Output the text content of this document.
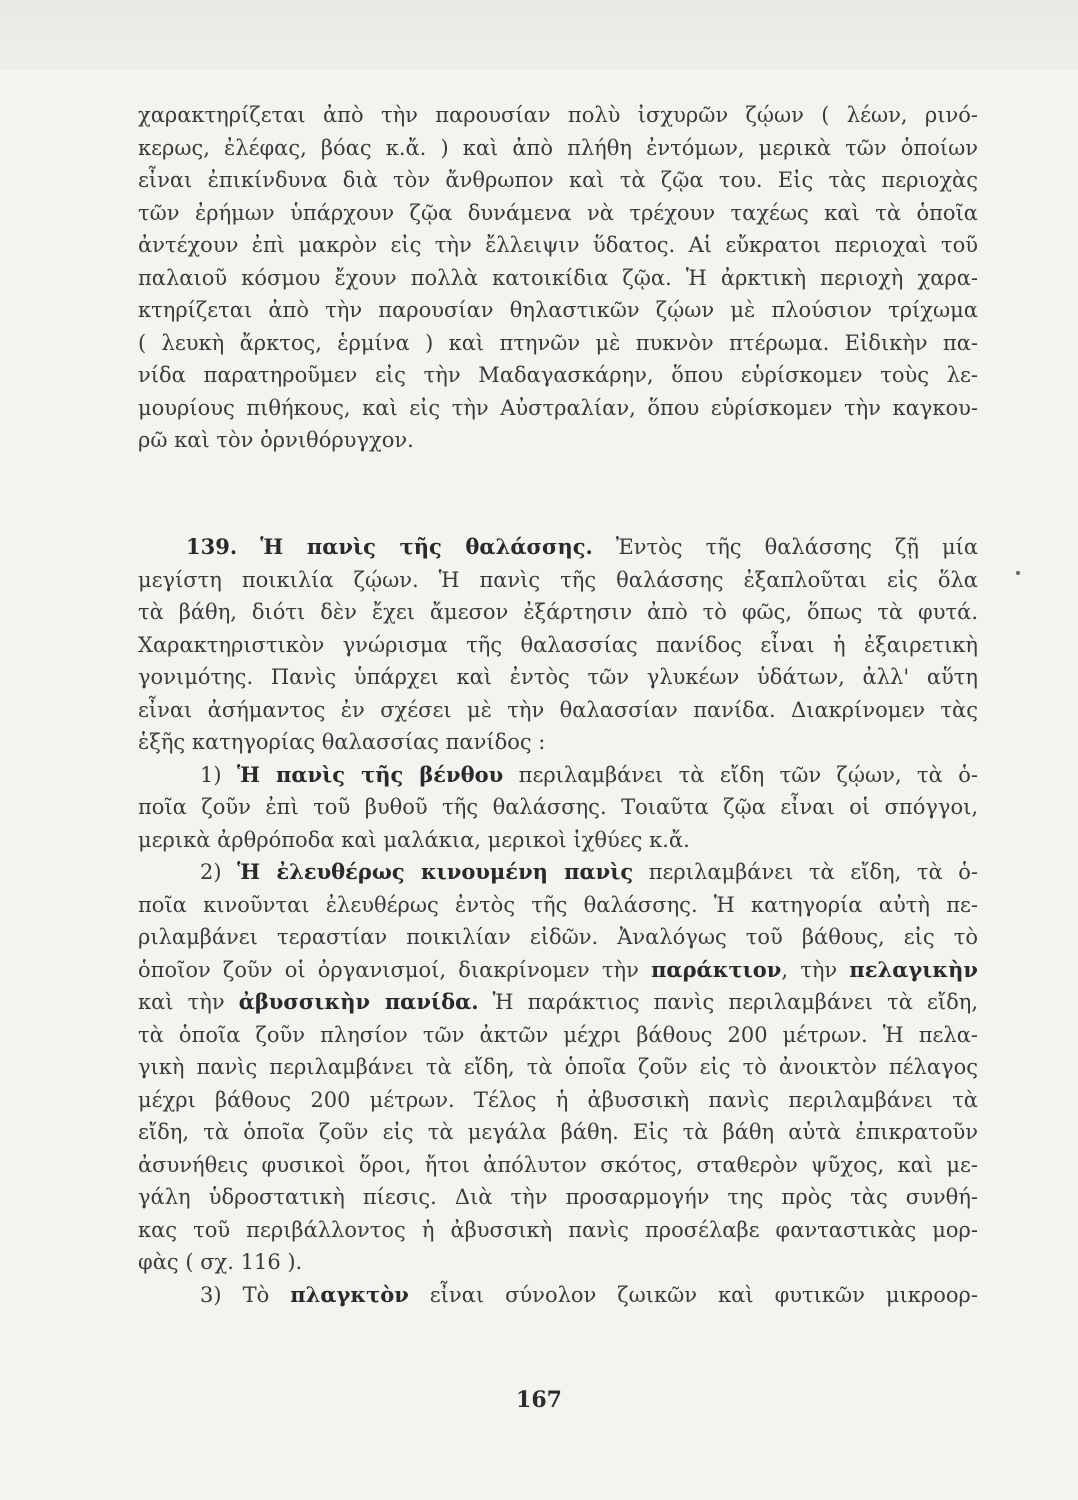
χαρακτηρίζεται ἀπὸ τὴν παρουσίαν πολὺ ἰσχυρῶν ζῴων ( λέων, ρινό-
κερως, ἐλέφας, βόας κ.ἄ. ) καὶ ἀπὸ πλήθη ἐντόμων, μερικὰ τῶν ὁποίων
εἶναι ἐπικίνδυνα διὰ τὸν ἄνθρωπον καὶ τὰ ζῷα του. Εἰς τὰς περιοχὰς
τῶν ἐρήμων ὑπάρχουν ζῷα δυνάμενα νὰ τρέχουν ταχέως καὶ τὰ ὁποῖα
ἀντέχουν ἐπὶ μακρὸν εἰς τὴν ἔλλειψιν ὕδατος. Αἱ εὔκρατοι περιοχαὶ τοῦ
παλαιοῦ κόσμου ἔχουν πολλὰ κατοικίδια ζῷα. Ἡ ἀρκτικὴ περιοχὴ χαρα-
κτηρίζεται ἀπὸ τὴν παρουσίαν θηλαστικῶν ζῴων μὲ πλούσιον τρίχωμα
( λευκὴ ἄρκτος, ἑρμίνα ) καὶ πτηνῶν μὲ πυκνὸν πτέρωμα. Εἰδικὴν πα-
νίδα παρατηροῦμεν εἰς τὴν Μαδαγασκάρην, ὅπου εὑρίσκομεν τοὺς λε-
μουρίους πιθήκους, καὶ εἰς τὴν Αὐστραλίαν, ὅπου εὑρίσκομεν τὴν καγκου-
ρῶ καὶ τὸν ὀρνιθόρυγχον.
139. Ἡ πανὶς τῆς θαλάσσης. Ἐντὸς τῆς θαλάσσης ζῇ μία
μεγίστη ποικιλία ζῴων. Ἡ πανὶς τῆς θαλάσσης ἐξαπλοῦται εἰς ὅλα
τὰ βάθη, διότι δὲν ἔχει ἄμεσον ἐξάρτησιν ἀπὸ τὸ φῶς, ὅπως τὰ φυτά.
Χαρακτηριστικὸν γνώρισμα τῆς θαλασσίας πανίδος εἶναι ἡ ἐξαιρετικὴ
γονιμότης. Πανὶς ὑπάρχει καὶ ἐντὸς τῶν γλυκέων ὑδάτων, ἀλλ' αὕτη
εἶναι ἀσήμαντος ἐν σχέσει μὲ τὴν θαλασσίαν πανίδα. Διακρίνομεν τὰς
ἑξῆς κατηγορίας θαλασσίας πανίδος :
1) Ἡ πανὶς τῆς βένθου περιλαμβάνει τὰ εἴδη τῶν ζῴων, τὰ ὁ-
ποῖα ζοῦν ἐπὶ τοῦ βυθοῦ τῆς θαλάσσης. Τοιαῦτα ζῷα εἶναι οἱ σπόγγοι,
μερικὰ ἀρθρόποδα καὶ μαλάκια, μερικοὶ ἰχθύες κ.ἄ.
2) Ἡ ἐλευθέρως κινουμένη πανὶς περιλαμβάνει τὰ εἴδη, τὰ ὁ-
ποῖα κινοῦνται ἐλευθέρως ἐντὸς τῆς θαλάσσης. Ἡ κατηγορία αὐτὴ πε-
ριλαμβάνει τεραστίαν ποικιλίαν εἰδῶν. Ἀναλόγως τοῦ βάθους, εἰς τὸ
ὁποῖον ζοῦν οἱ ὀργανισμοί, διακρίνομεν τὴν παράκτιον, τὴν πελαγικὴν
καὶ τὴν ἀβυσσικὴν πανίδα. Ἡ παράκτιος πανὶς περιλαμβάνει τὰ εἴδη,
τὰ ὁποῖα ζοῦν πλησίον τῶν ἀκτῶν μέχρι βάθους 200 μέτρων. Ἡ πελα-
γικὴ πανὶς περιλαμβάνει τὰ εἴδη, τὰ ὁποῖα ζοῦν εἰς τὸ ἀνοικτὸν πέλαγος
μέχρι βάθους 200 μέτρων. Τέλος ἡ ἀβυσσικὴ πανὶς περιλαμβάνει τὰ
εἴδη, τὰ ὁποῖα ζοῦν εἰς τὰ μεγάλα βάθη. Εἰς τὰ βάθη αὐτὰ ἐπικρατοῦν
ἀσυνήθεις φυσικοὶ ὅροι, ἤτοι ἀπόλυτον σκότος, σταθερὸν ψῦχος, καὶ με-
γάλη ὑδροστατικὴ πίεσις. Διὰ τὴν προσαρμογήν της πρὸς τὰς συνθή-
κας τοῦ περιβάλλοντος ἡ ἀβυσσικὴ πανὶς προσέλαβε φανταστικὰς μορ-
φὰς ( σχ. 116 ).
3) Τὸ πλαγκτὸν εἶναι σύνολον ζωικῶν καὶ φυτικῶν μικροορ-
167
